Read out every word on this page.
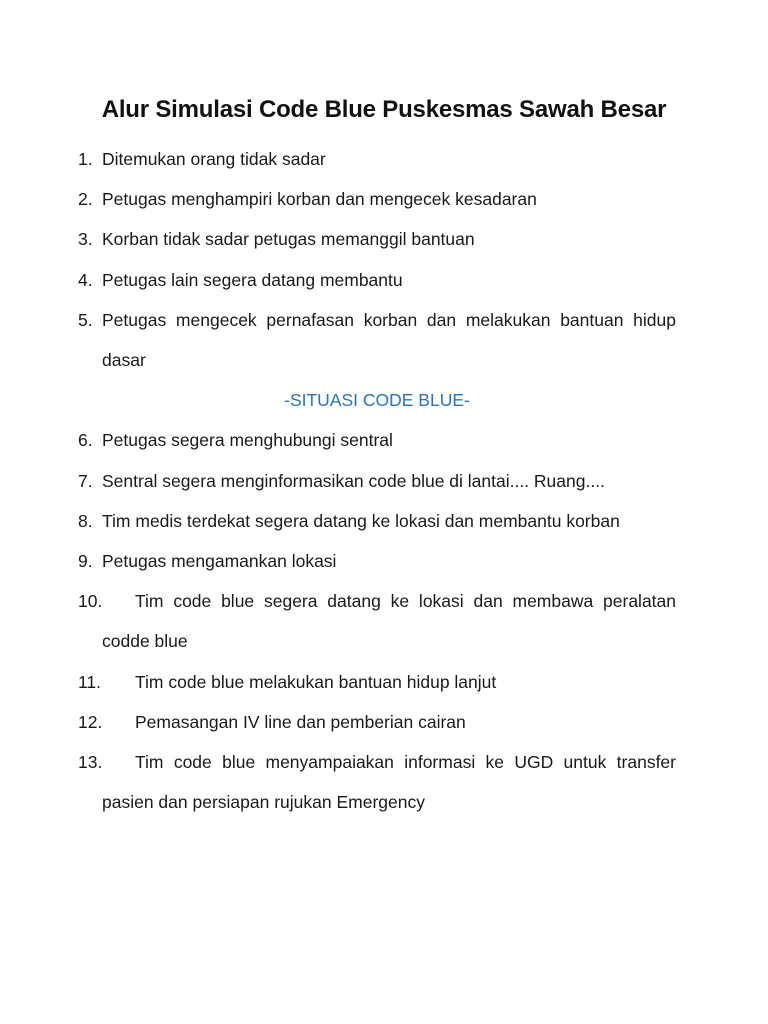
Alur Simulasi Code Blue Puskesmas Sawah Besar
1. Ditemukan orang tidak sadar
2. Petugas menghampiri korban dan mengecek kesadaran
3. Korban tidak sadar petugas memanggil bantuan
4. Petugas lain segera datang membantu
5. Petugas mengecek pernafasan korban dan melakukan bantuan hidup dasar
-SITUASI CODE BLUE-
6. Petugas segera menghubungi sentral
7. Sentral segera menginformasikan code blue di lantai.... Ruang....
8. Tim medis terdekat segera datang ke lokasi dan membantu korban
9. Petugas mengamankan lokasi
10.	Tim code blue segera datang ke lokasi dan membawa peralatan codde blue
11.	Tim code blue melakukan bantuan hidup lanjut
12.	Pemasangan IV line dan pemberian cairan
13.	Tim code blue menyampaiakan informasi ke UGD untuk transfer pasien dan persiapan rujukan Emergency
